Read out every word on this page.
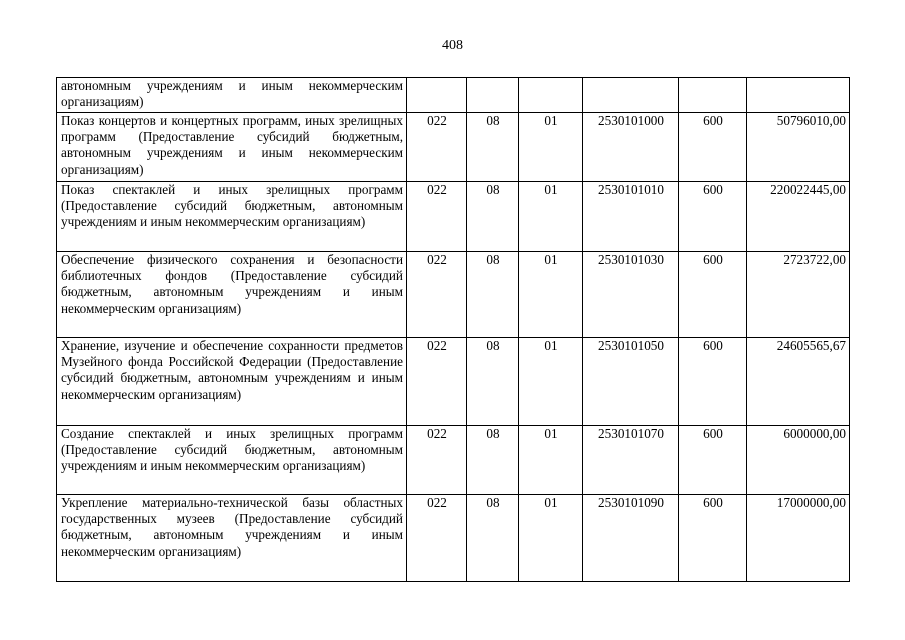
408
автономным учреждениям и иным некоммерческим организациям)						
Показ концертов и концертных программ, иных зрелищных программ (Предоставление субсидий бюджетным, автономным учреждениям и иным некоммерческим организациям)	022	08	01	2530101000	600	50796010,00
Показ спектаклей и иных зрелищных программ (Предоставление субсидий бюджетным, автономным учреждениям и иным некоммерческим организациям)	022	08	01	2530101010	600	220022445,00
Обеспечение физического сохранения и безопасности библиотечных фондов (Предоставление субсидий бюджетным, автономным учреждениям и иным некоммерческим организациям)	022	08	01	2530101030	600	2723722,00
Хранение, изучение и обеспечение сохранности предметов Музейного фонда Российской Федерации (Предоставление субсидий бюджетным, автономным учреждениям и иным некоммерческим организациям)	022	08	01	2530101050	600	24605565,67
Создание спектаклей и иных зрелищных программ (Предоставление субсидий бюджетным, автономным учреждениям и иным некоммерческим организациям)	022	08	01	2530101070	600	6000000,00
Укрепление материально-технической базы областных государственных музеев (Предоставление субсидий бюджетным, автономным учреждениям и иным некоммерческим организациям)	022	08	01	2530101090	600	17000000,00
